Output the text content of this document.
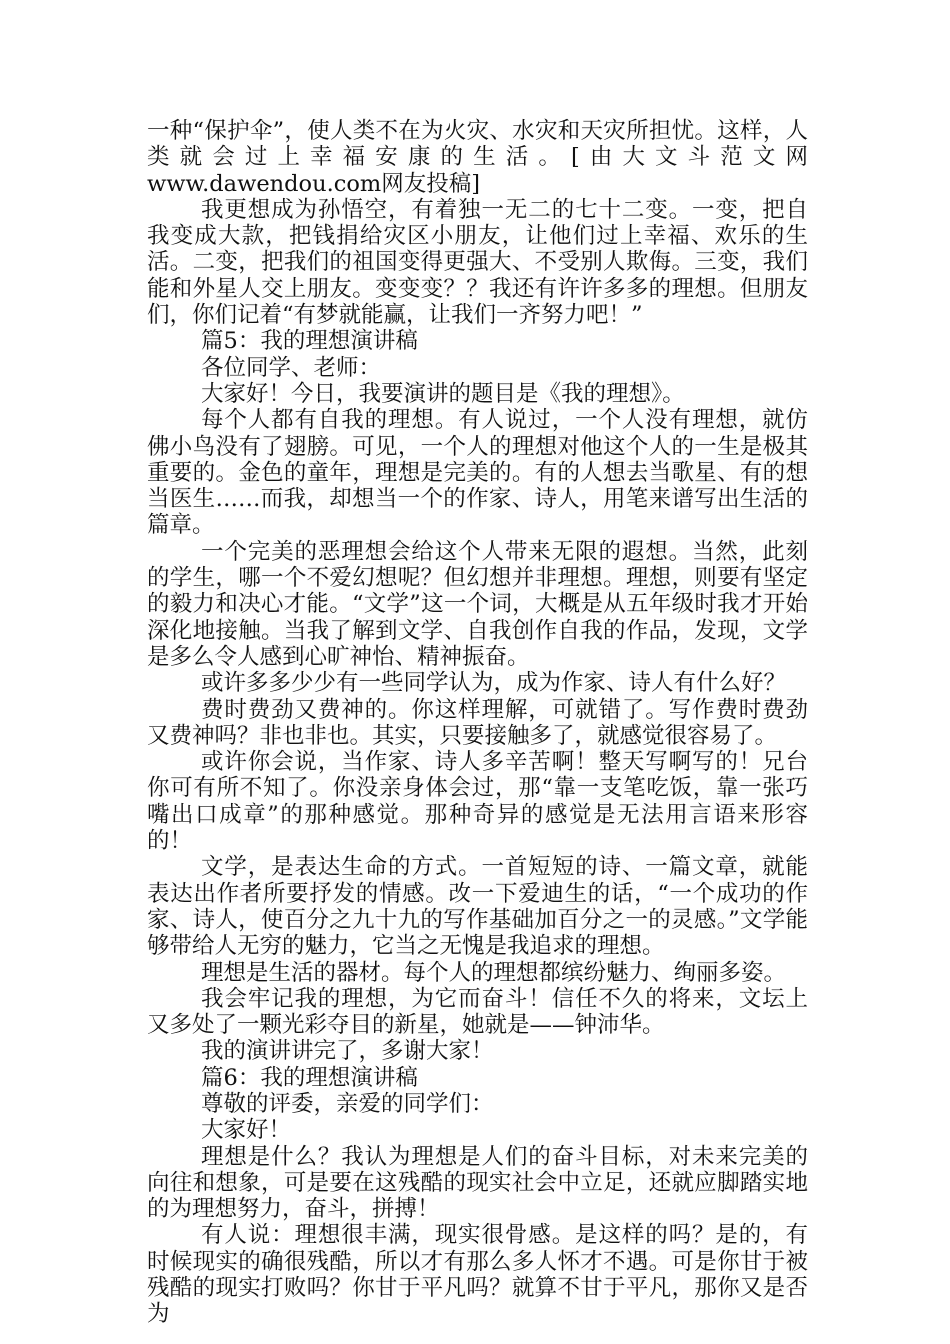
一种“保护伞”，使人类不在为火灾、水灾和天灾所担忧。这样，人类就会过上幸福安康的生活。[由大文斗范文网www.dawendou.com网友投稿]

我更想成为孙悟空，有着独一无二的七十二变。一变，把自我变成大款，把钱捐给灾区小朋友，让他们过上幸福、欢乐的生活。二变，把我们的祖国变得更强大、不受别人欺侮。三变，我们能和外星人交上朋友。变变变？？我还有许许多多的理想。但朋友们，你们记着“有梦就能赢，让我们一齐努力吧！”

篇5：我的理想演讲稿

各位同学、老师：

大家好！今日，我要演讲的题目是《我的理想》。

每个人都有自我的理想。有人说过，一个人没有理想，就仿佛小鸟没有了翅膀。可见，一个人的理想对他这个人的一生是极其重要的。金色的童年，理想是完美的。有的人想去当歌星、有的想当医生……而我，却想当一个的作家、诗人，用笔来谱写出生活的篇章。

一个完美的恶理想会给这个人带来无限的遐想。当然，此刻的学生，哪一个不爱幻想呢？但幻想并非理想。理想，则要有坚定的毅力和决心才能。“文学”这一个词，大概是从五年级时我才开始深化地接触。当我了解到文学、自我创作自我的作品，发现，文学是多么令人感到心旷神怡、精神振奋。

或许多多少少有一些同学认为，成为作家、诗人有什么好？

费时费劲又费神的。你这样理解，可就错了。写作费时费劲又费神吗？非也非也。其实，只要接触多了，就感觉很容易了。

或许你会说，当作家、诗人多辛苦啊！整天写啊写的！兄台你可有所不知了。你没亲身体会过，那“靠一支笔吃饭，靠一张巧嘴出口成章”的那种感觉。那种奇异的感觉是无法用言语来形容的！

文学，是表达生命的方式。一首短短的诗、一篇文章，就能表达出作者所要抒发的情感。改一下爱迪生的话，“一个成功的作家、诗人，使百分之九十九的写作基础加百分之一的灵感。”文学能够带给人无穷的魅力，它当之无愧是我追求的理想。

理想是生活的器材。每个人的理想都缤纷魅力、绚丽多姿。

我会牢记我的理想，为它而奋斗！信任不久的将来，文坛上又多处了一颗光彩夺目的新星，她就是——钟沛华。

我的演讲讲完了，多谢大家！

篇6：我的理想演讲稿

尊敬的评委，亲爱的同学们：

大家好！

理想是什么？我认为理想是人们的奋斗目标，对未来完美的向往和想象，可是要在这残酷的现实社会中立足，还就应脚踏实地的为理想努力，奋斗，拼搏！

有人说：理想很丰满，现实很骨感。是这样的吗？是的，有时候现实的确很残酷，所以才有那么多人怀才不遇。可是你甘于被残酷的现实打败吗？你甘于平凡吗？就算不甘于平凡，那你又是否为
